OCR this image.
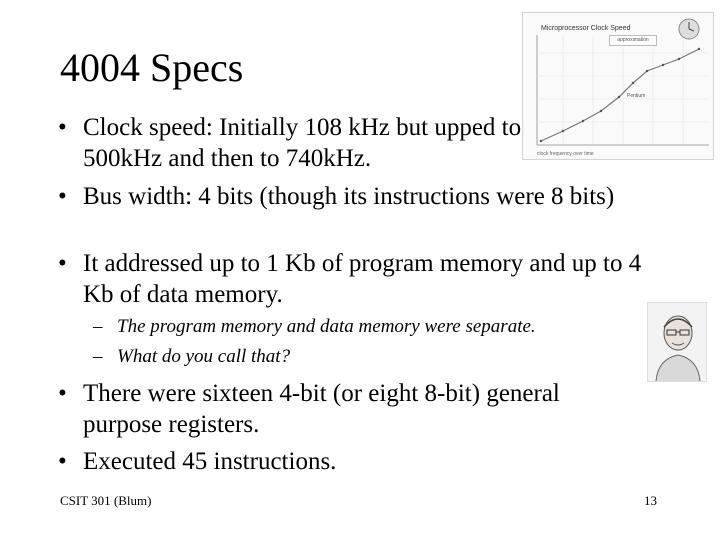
4004 Specs
Microprocessor Clock Speed
approximation
Pentium
clock frequency over time
• Clock speed: Initially 108 kHz but upped to 500kHz and then to 740kHz.
• Bus width: 4 bits (though its instructions were 8 bits)
• It addressed up to 1 Kb of program memory and up to 4 Kb of data memory.
– The program memory and data memory were separate.
– What do you call that?
• There were sixteen 4-bit (or eight 8-bit) general purpose registers.
• Executed 45 instructions.
CSIT 301 (Blum)	13
